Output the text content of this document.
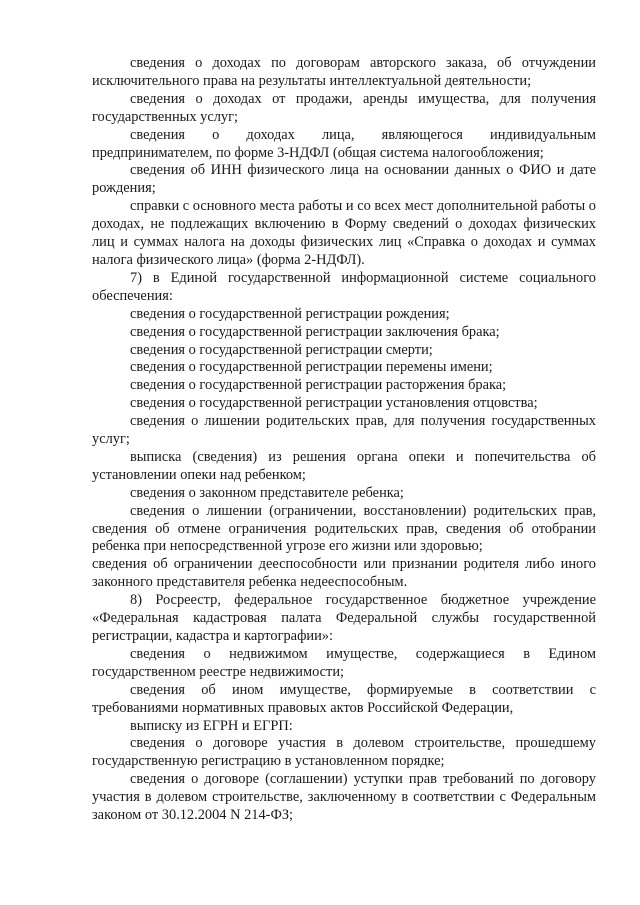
сведения о доходах по договорам авторского заказа, об отчуждении исключительного права на результаты интеллектуальной деятельности;

сведения о доходах от продажи, аренды имущества, для получения государственных услуг;

сведения о доходах лица, являющегося индивидуальным предпринимателем, по форме 3-НДФЛ (общая система налогообложения;

сведения об ИНН физического лица на основании данных о ФИО и дате рождения;

справки с основного места работы и со всех мест дополнительной работы о доходах, не подлежащих включению в Форму сведений о доходах физических лиц и суммах налога на доходы физических лиц «Справка о доходах и суммах налога физического лица» (форма 2-НДФЛ).

7) в Единой государственной информационной системе социального обеспечения:

сведения о государственной регистрации рождения;

сведения о государственной регистрации заключения брака;

сведения о государственной регистрации смерти;

сведения о государственной регистрации перемены имени;

сведения о государственной регистрации расторжения брака;

сведения о государственной регистрации установления отцовства;

сведения о лишении родительских прав, для получения государственных услуг;

выписка (сведения) из решения органа опеки и попечительства об установлении опеки над ребенком;

сведения о законном представителе ребенка;

сведения о лишении (ограничении, восстановлении) родительских прав, сведения об отмене ограничения родительских прав, сведения об отобрании ребенка при непосредственной угрозе его жизни или здоровью;

сведения об ограничении дееспособности или признании родителя либо иного законного представителя ребенка недееспособным.

8) Росреестр, федеральное государственное бюджетное учреждение «Федеральная кадастровая палата Федеральной службы государственной регистрации, кадастра и картографии»:

сведения о недвижимом имуществе, содержащиеся в Едином государственном реестре недвижимости;

сведения об ином имуществе, формируемые в соответствии с требованиями нормативных правовых актов Российской Федерации,

выписку из ЕГРН и ЕГРП:

сведения о договоре участия в долевом строительстве, прошедшему государственную регистрацию в установленном порядке;

сведения о договоре (соглашении) уступки прав требований по договору участия в долевом строительстве, заключенному в соответствии с Федеральным законом от 30.12.2004 N 214-ФЗ;
